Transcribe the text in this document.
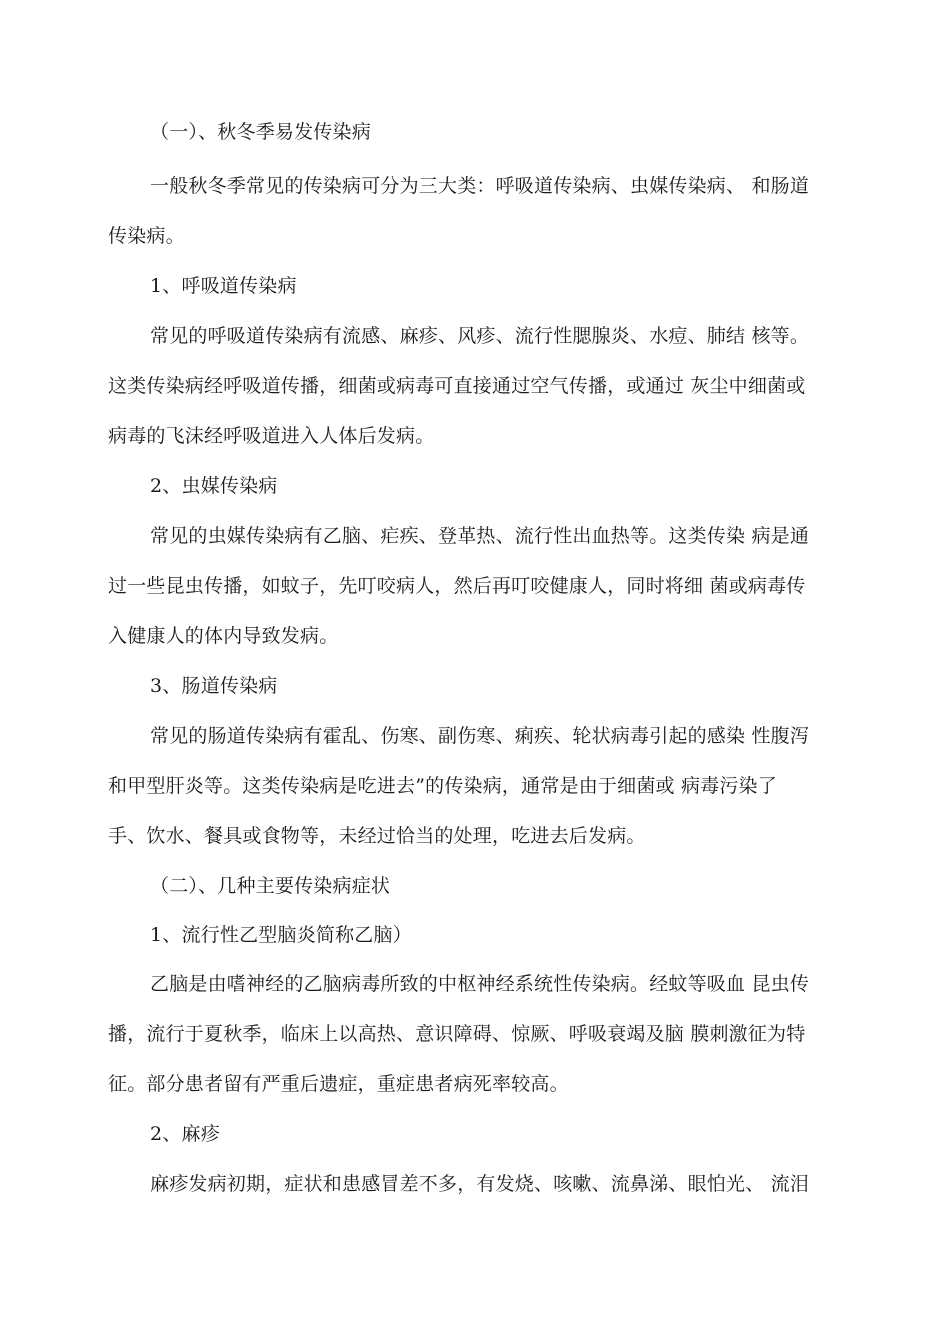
（一）、秋冬季易发传染病
一般秋冬季常见的传染病可分为三大类：呼吸道传染病、虫媒传染病、 和肠道
传染病。
1、呼吸道传染病
常见的呼吸道传染病有流感、麻疹、风疹、流行性腮腺炎、水痘、肺结 核等。
这类传染病经呼吸道传播，细菌或病毒可直接通过空气传播，或通过 灰尘中细菌或
病毒的飞沫经呼吸道进入人体后发病。
2、虫媒传染病
常见的虫媒传染病有乙脑、疟疾、登革热、流行性出血热等。这类传染 病是通
过一些昆虫传播，如蚊子，先叮咬病人，然后再叮咬健康人，同时将细 菌或病毒传
入健康人的体内导致发病。
3、肠道传染病
常见的肠道传染病有霍乱、伤寒、副伤寒、痢疾、轮状病毒引起的感染 性腹泻
和甲型肝炎等。这类传染病是吃进去”的传染病，通常是由于细菌或 病毒污染了
手、饮水、餐具或食物等，未经过恰当的处理，吃进去后发病。
（二）、几种主要传染病症状
1、流行性乙型脑炎简称乙脑）
乙脑是由嗜神经的乙脑病毒所致的中枢神经系统性传染病。经蚊等吸血 昆虫传
播，流行于夏秋季，临床上以高热、意识障碍、惊厥、呼吸衰竭及脑 膜刺激征为特
征。部分患者留有严重后遗症，重症患者病死率较高。
2、麻疹
麻疹发病初期，症状和患感冒差不多，有发烧、咳嗽、流鼻涕、眼怕光、 流泪
